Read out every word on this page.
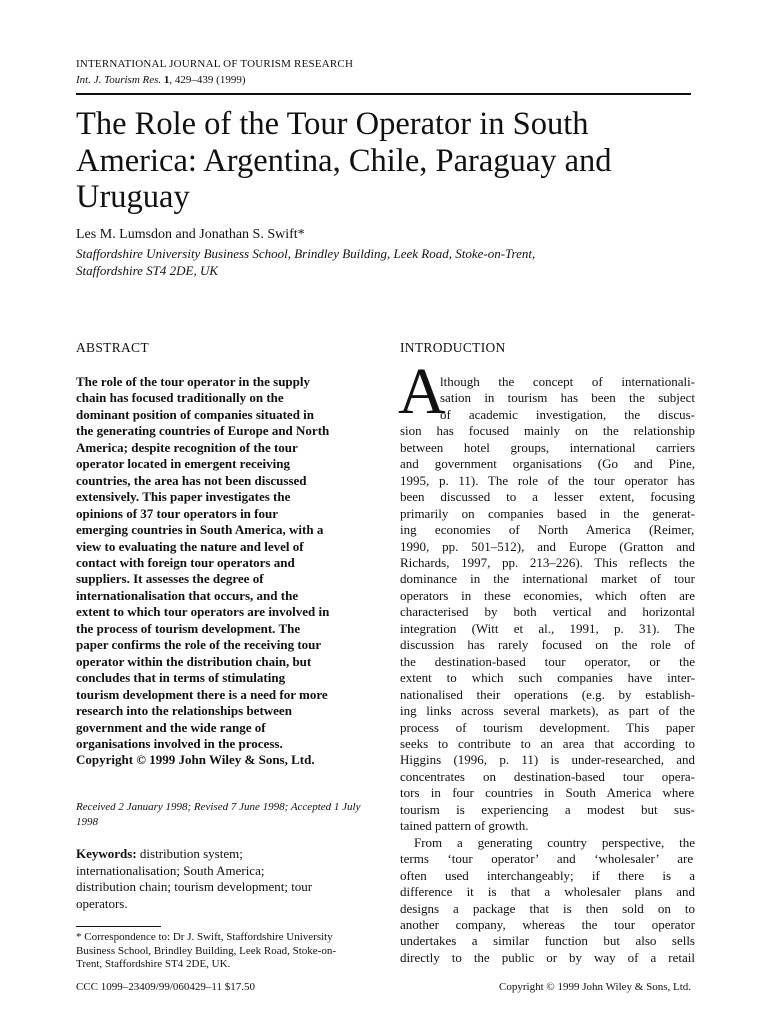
INTERNATIONAL JOURNAL OF TOURISM RESEARCH
Int. J. Tourism Res. 1, 429–439 (1999)
The Role of the Tour Operator in South America: Argentina, Chile, Paraguay and Uruguay
Les M. Lumsdon and Jonathan S. Swift*
Staffordshire University Business School, Brindley Building, Leek Road, Stoke-on-Trent,
Staffordshire ST4 2DE, UK
ABSTRACT
The role of the tour operator in the supply
chain has focused traditionally on the
dominant position of companies situated in
the generating countries of Europe and North
America; despite recognition of the tour
operator located in emergent receiving
countries, the area has not been discussed
extensively. This paper investigates the
opinions of 37 tour operators in four
emerging countries in South America, with a
view to evaluating the nature and level of
contact with foreign tour operators and
suppliers. It assesses the degree of
internationalisation that occurs, and the
extent to which tour operators are involved in
the process of tourism development. The
paper confirms the role of the receiving tour
operator within the distribution chain, but
concludes that in terms of stimulating
tourism development there is a need for more
research into the relationships between
government and the wide range of
organisations involved in the process.
Copyright © 1999 John Wiley & Sons, Ltd.
Received 2 January 1998; Revised 7 June 1998; Accepted 1 July
1998
Keywords: distribution system;
internationalisation; South America;
distribution chain; tourism development; tour
operators.
* Correspondence to: Dr J. Swift, Staffordshire University
Business School, Brindley Building, Leek Road, Stoke-on-
Trent, Staffordshire ST4 2DE, UK.
CCC 1099–23409/99/060429–11 $17.50
INTRODUCTION
A
lthough the concept of internationali-
sation in tourism has been the subject
of academic investigation, the discus-
sion has focused mainly on the relationship
between hotel groups, international carriers
and government organisations (Go and Pine,
1995, p. 11). The role of the tour operator has
been discussed to a lesser extent, focusing
primarily on companies based in the generat-
ing economies of North America (Reimer,
1990, pp. 501–512), and Europe (Gratton and
Richards, 1997, pp. 213–226). This reflects the
dominance in the international market of tour
operators in these economies, which often are
characterised by both vertical and horizontal
integration (Witt et al., 1991, p. 31). The
discussion has rarely focused on the role of
the destination-based tour operator, or the
extent to which such companies have inter-
nationalised their operations (e.g. by establish-
ing links across several markets), as part of the
process of tourism development. This paper
seeks to contribute to an area that according to
Higgins (1996, p. 11) is under-researched, and
concentrates on destination-based tour opera-
tors in four countries in South America where
tourism is experiencing a modest but sus-
tained pattern of growth.
From a generating country perspective, the
terms ‘tour operator’ and ‘wholesaler’ are
often used interchangeably; if there is a
difference it is that a wholesaler plans and
designs a package that is then sold on to
another company, whereas the tour operator
undertakes a similar function but also sells
directly to the public or by way of a retail
Copyright © 1999 John Wiley & Sons, Ltd.
